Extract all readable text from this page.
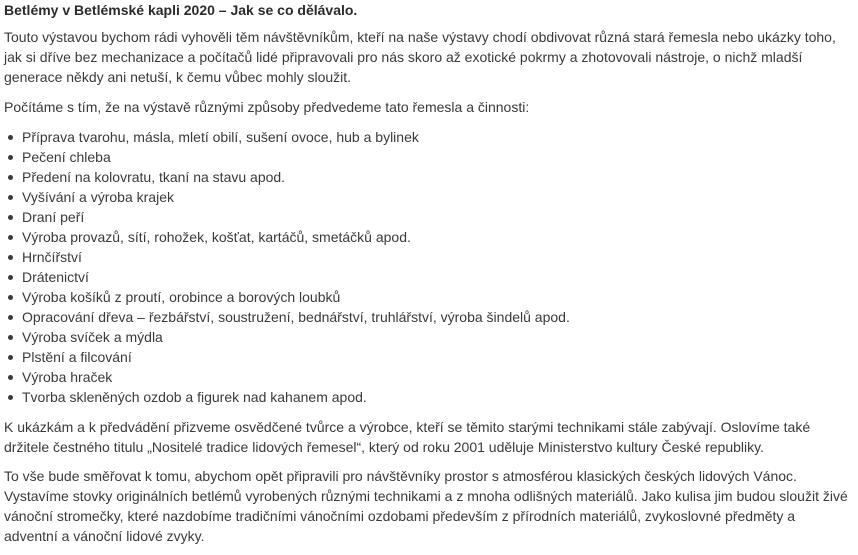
Betlémy v Betlémské kapli 2020 – Jak se co dělávalo.

Touto výstavou bychom rádi vyhověli těm návštěvníkům, kteří na naše výstavy chodí obdivovat různá stará řemesla nebo ukázky toho,
jak si dříve bez mechanizace a počítačů lidé připravovali pro nás skoro až exotické pokrmy a zhotovovali nástroje, o nichž mladší
generace někdy ani netuší, k čemu vůbec mohly sloužit.

Počítáme s tím, že na výstavě různými způsoby předvedeme tato řemesla a činnosti:

Příprava tvarohu, másla, mletí obilí, sušení ovoce, hub a bylinek
Pečení chleba
Předení na kolovratu, tkaní na stavu apod.
Vyšívání a výroba krajek
Draní peří
Výroba provazů, sítí, rohožek, košťat, kartáčů, smetáčků apod.
Hrnčířství
Drátenictví
Výroba košíků z proutí, orobince a borových loubků
Opracování dřeva – řezbářství, soustružení, bednářství, truhlářství, výroba šindelů apod.
Výroba svíček a mýdla
Plstění a filcování
Výroba hraček
Tvorba skleněných ozdob a figurek nad kahanem apod.

K ukázkám a k předvádění přizveme osvědčené tvůrce a výrobce, kteří se těmito starými technikami stále zabývají. Oslovíme také
držitele čestného titulu „Nositelé tradice lidových řemesel“, který od roku 2001 uděluje Ministerstvo kultury České republiky.

To vše bude směřovat k tomu, abychom opět připravili pro návštěvníky prostor s atmosférou klasických českých lidových Vánoc.
Vystavíme stovky originálních betlémů vyrobených různými technikami a z mnoha odlišných materiálů. Jako kulisa jim budou sloužit živé
vánoční stromečky, které nazdobíme tradičními vánočními ozdobami především z přírodních materiálů, zvykoslovné předměty a
adventní a vánoční lidové zvyky.
